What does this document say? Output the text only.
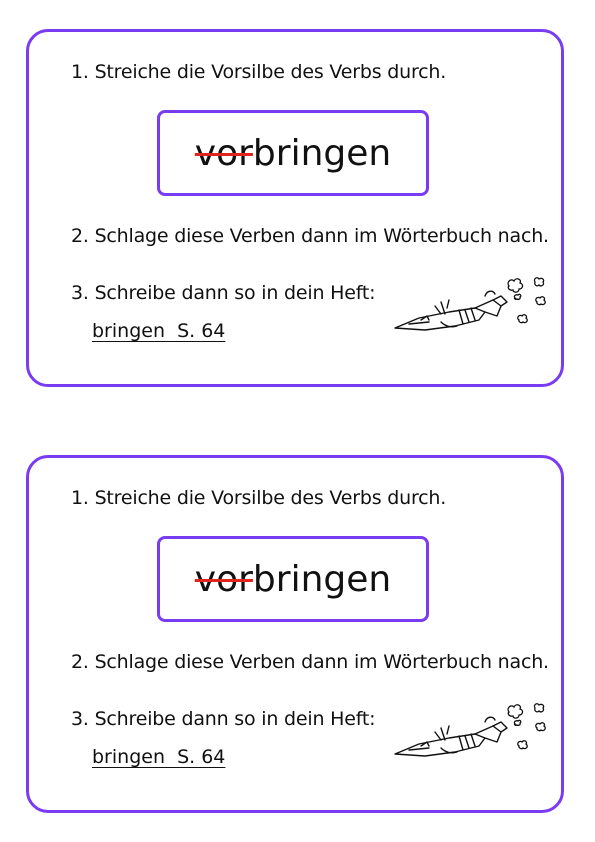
1. Streiche die Vorsilbe des Verbs durch.
vor bringen
2. Schlage diese Verben dann im Wörterbuch nach.
3. Schreibe dann so in dein Heft:
bringen  S. 64
1. Streiche die Vorsilbe des Verbs durch.
vor bringen
2. Schlage diese Verben dann im Wörterbuch nach.
3. Schreibe dann so in dein Heft:
bringen  S. 64
